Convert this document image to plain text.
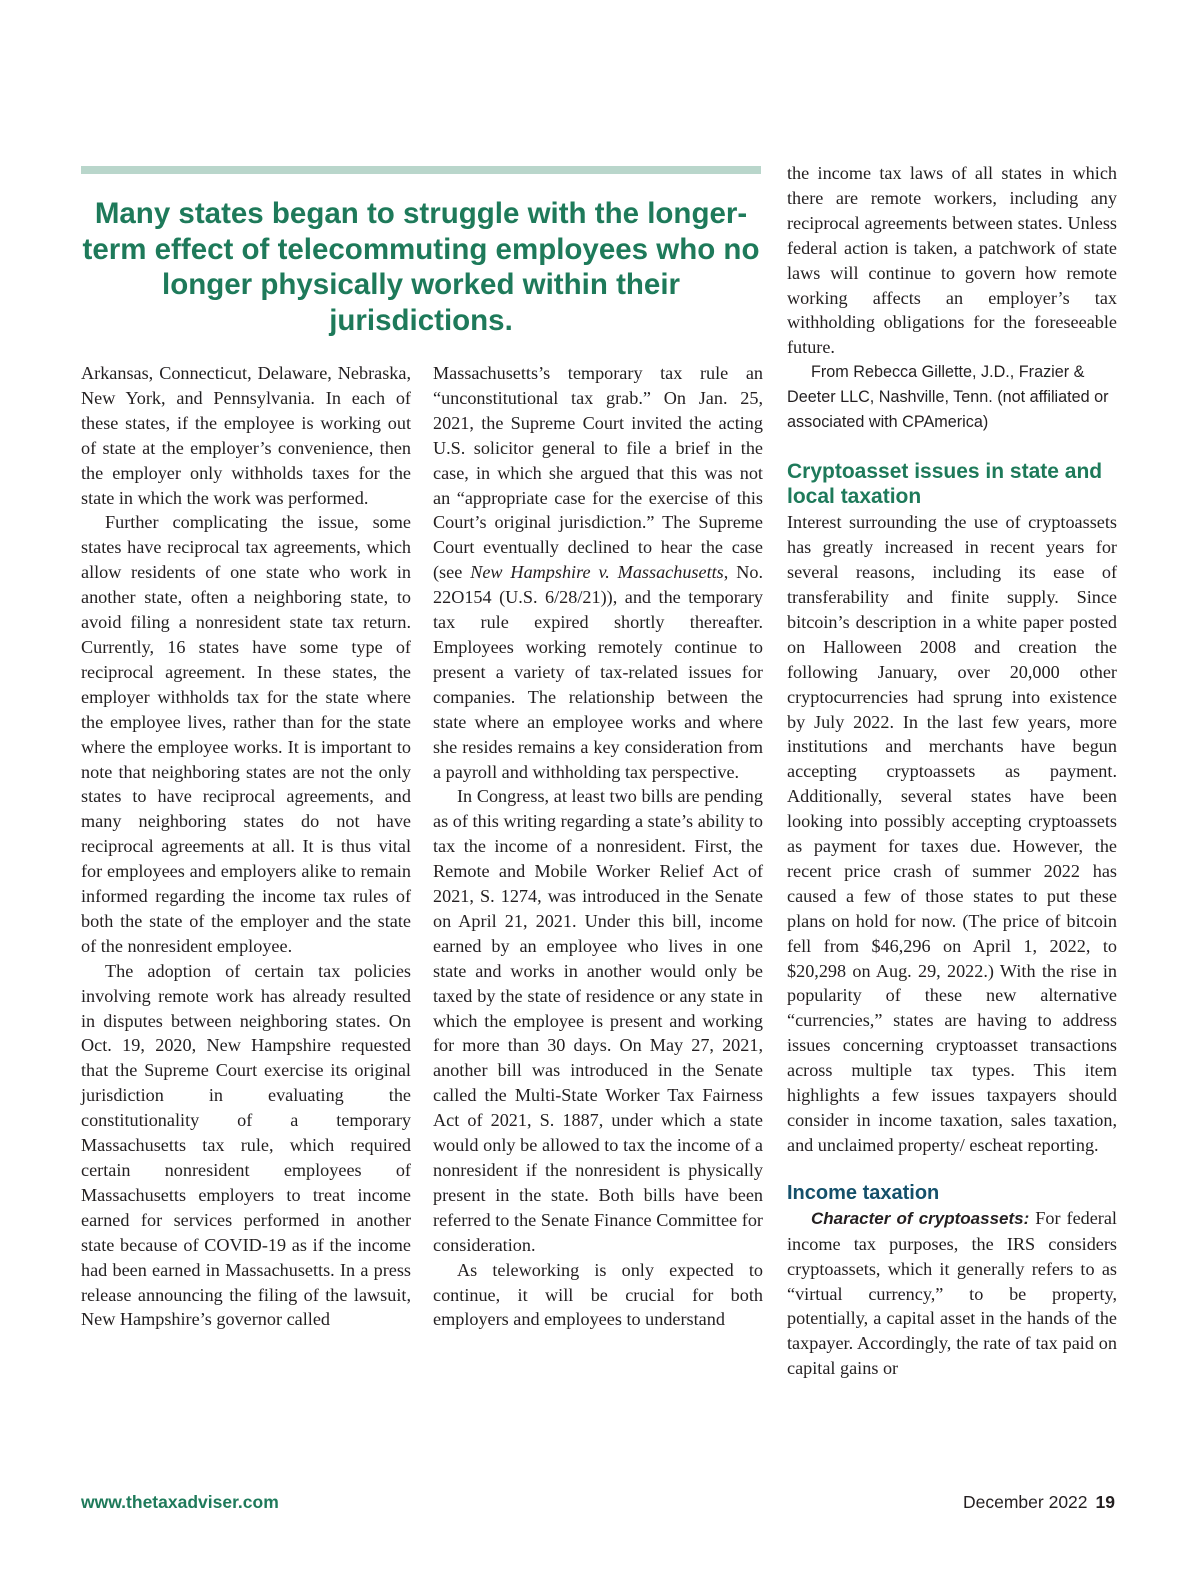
Many states began to struggle with the longer-term effect of telecommuting employees who no longer physically worked within their jurisdictions.

Arkansas, Connecticut, Delaware, Nebraska, New York, and Pennsylvania. In each of these states, if the employee is working out of state at the employer’s convenience, then the employer only withholds taxes for the state in which the work was performed.

Further complicating the issue, some states have reciprocal tax agreements, which allow residents of one state who work in another state, often a neighboring state, to avoid filing a nonresident state tax return. Currently, 16 states have some type of reciprocal agreement. In these states, the employer withholds tax for the state where the employee lives, rather than for the state where the employee works. It is important to note that neighboring states are not the only states to have reciprocal agreements, and many neighboring states do not have reciprocal agreements at all. It is thus vital for employees and employers alike to remain informed regarding the income tax rules of both the state of the employer and the state of the nonresident employee.

The adoption of certain tax policies involving remote work has already resulted in disputes between neighboring states. On Oct. 19, 2020, New Hampshire requested that the Supreme Court exercise its original jurisdiction in evaluating the constitutionality of a temporary Massachusetts tax rule, which required certain nonresident employees of Massachusetts employers to treat income earned for services performed in another state because of COVID-19 as if the income had been earned in Massachusetts. In a press release announcing the filing of the lawsuit, New Hampshire’s governor called

Massachusetts’s temporary tax rule an “unconstitutional tax grab.” On Jan. 25, 2021, the Supreme Court invited the acting U.S. solicitor general to file a brief in the case, in which she argued that this was not an “appropriate case for the exercise of this Court’s original jurisdiction.” The Supreme Court eventually declined to hear the case (see New Hampshire v. Massachusetts, No. 22O154 (U.S. 6/28/21)), and the temporary tax rule expired shortly thereafter. Employees working remotely continue to present a variety of tax-related issues for companies. The relationship between the state where an employee works and where she resides remains a key consideration from a payroll and withholding tax perspective.

In Congress, at least two bills are pending as of this writing regarding a state’s ability to tax the income of a nonresident. First, the Remote and Mobile Worker Relief Act of 2021, S. 1274, was introduced in the Senate on April 21, 2021. Under this bill, income earned by an employee who lives in one state and works in another would only be taxed by the state of residence or any state in which the employee is present and working for more than 30 days. On May 27, 2021, another bill was introduced in the Senate called the Multi-State Worker Tax Fairness Act of 2021, S. 1887, under which a state would only be allowed to tax the income of a nonresident if the nonresident is physically present in the state. Both bills have been referred to the Senate Finance Committee for consideration.

As teleworking is only expected to continue, it will be crucial for both employers and employees to understand

the income tax laws of all states in which there are remote workers, including any reciprocal agreements between states. Unless federal action is taken, a patchwork of state laws will continue to govern how remote working affects an employer’s tax withholding obligations for the foreseeable future.

From Rebecca Gillette, J.D., Frazier & Deeter LLC, Nashville, Tenn. (not affiliated or associated with CPAmerica)

Cryptoasset issues in state and local taxation

Interest surrounding the use of cryptoassets has greatly increased in recent years for several reasons, including its ease of transferability and finite supply. Since bitcoin’s description in a white paper posted on Halloween 2008 and creation the following January, over 20,000 other cryptocurrencies had sprung into existence by July 2022. In the last few years, more institutions and merchants have begun accepting cryptoassets as payment. Additionally, several states have been looking into possibly accepting cryptoassets as payment for taxes due. However, the recent price crash of summer 2022 has caused a few of those states to put these plans on hold for now. (The price of bitcoin fell from $46,296 on April 1, 2022, to $20,298 on Aug. 29, 2022.) With the rise in popularity of these new alternative “currencies,” states are having to address issues concerning cryptoasset transactions across multiple tax types. This item highlights a few issues taxpayers should consider in income taxation, sales taxation, and unclaimed property/ escheat reporting.

Income taxation

Character of cryptoassets: For federal income tax purposes, the IRS considers cryptoassets, which it generally refers to as “virtual currency,” to be property, potentially, a capital asset in the hands of the taxpayer. Accordingly, the rate of tax paid on capital gains or

www.thetaxadviser.com	December 2022 19
